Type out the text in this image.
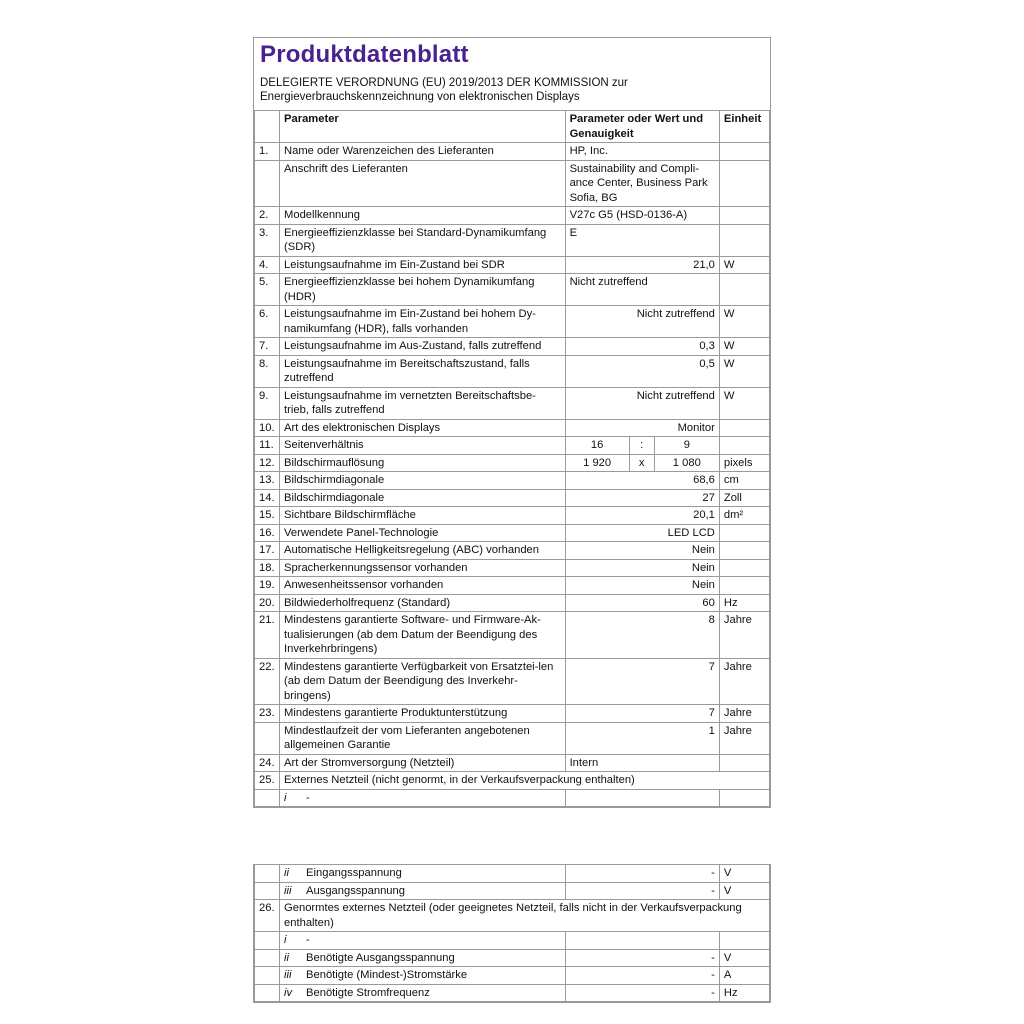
Produktdatenblatt
DELEGIERTE VERORDNUNG (EU) 2019/2013 DER KOMMISSION zur Energieverbrauchskennzeichnung von elektronischen Displays
	Parameter	Parameter oder Wert und Genauigkeit			Einheit
1.	Name oder Warenzeichen des Lieferanten	HP, Inc.			
	Anschrift des Lieferanten	Sustainability and Compli-ance Center, Business Park Sofia, BG			
2.	Modellkennung	V27c G5 (HSD-0136-A)			
3.	Energieeffizienzklasse bei Standard-Dynamikumfang (SDR)	E			
4.	Leistungsaufnahme im Ein-Zustand bei SDR	21,0			W
5.	Energieeffizienzklasse bei hohem Dynamikumfang (HDR)	Nicht zutreffend			
6.	Leistungsaufnahme im Ein-Zustand bei hohem Dy-namikumfang (HDR), falls vorhanden	Nicht zutreffend			W
7.	Leistungsaufnahme im Aus-Zustand, falls zutreffend	0,3			W
8.	Leistungsaufnahme im Bereitschaftszustand, falls zutreffend	0,5			W
9.	Leistungsaufnahme im vernetzten Bereitschaftsbe-trieb, falls zutreffend	Nicht zutreffend			W
10.	Art des elektronischen Displays	Monitor			
11.	Seitenverhältnis	16	:	9	
12.	Bildschirmauflösung	1 920	x	1 080	pixels
13.	Bildschirmdiagonale	68,6			cm
14.	Bildschirmdiagonale	27			Zoll
15.	Sichtbare Bildschirmfläche	20,1			dm²
16.	Verwendete Panel-Technologie	LED LCD			
17.	Automatische Helligkeitsregelung (ABC) vorhanden	Nein			
18.	Spracherkennungssensor vorhanden	Nein			
19.	Anwesenheitssensor vorhanden	Nein			
20.	Bildwiederholfrequenz (Standard)	60			Hz
21.	Mindestens garantierte Software- und Firmware-Ak-tualisierungen (ab dem Datum der Beendigung des Inverkehrbringens)	8			Jahre
22.	Mindestens garantierte Verfügbarkeit von Ersatztei-len (ab dem Datum der Beendigung des Inverkehr-bringens)	7			Jahre
23.	Mindestens garantierte Produktunterstützung	7			Jahre
	Mindestlaufzeit der vom Lieferanten angebotenen allgemeinen Garantie	1			Jahre
24.	Art der Stromversorgung (Netzteil)	Intern			
25.	Externes Netzteil (nicht genormt, in der Verkaufsverpackung enthalten)				
	i -				
	ii Eingangsspannung	-	V
	iii Ausgangsspannung	-	V
26.	Genormtes externes Netzteil (oder geeignetes Netzteil, falls nicht in der Verkaufsverpackung enthalten)		
	i -		
	ii Benötigte Ausgangsspannung	-	V
	iii Benötigte (Mindest-)Stromstärke	-	A
	iv Benötigte Stromfrequenz	-	Hz
